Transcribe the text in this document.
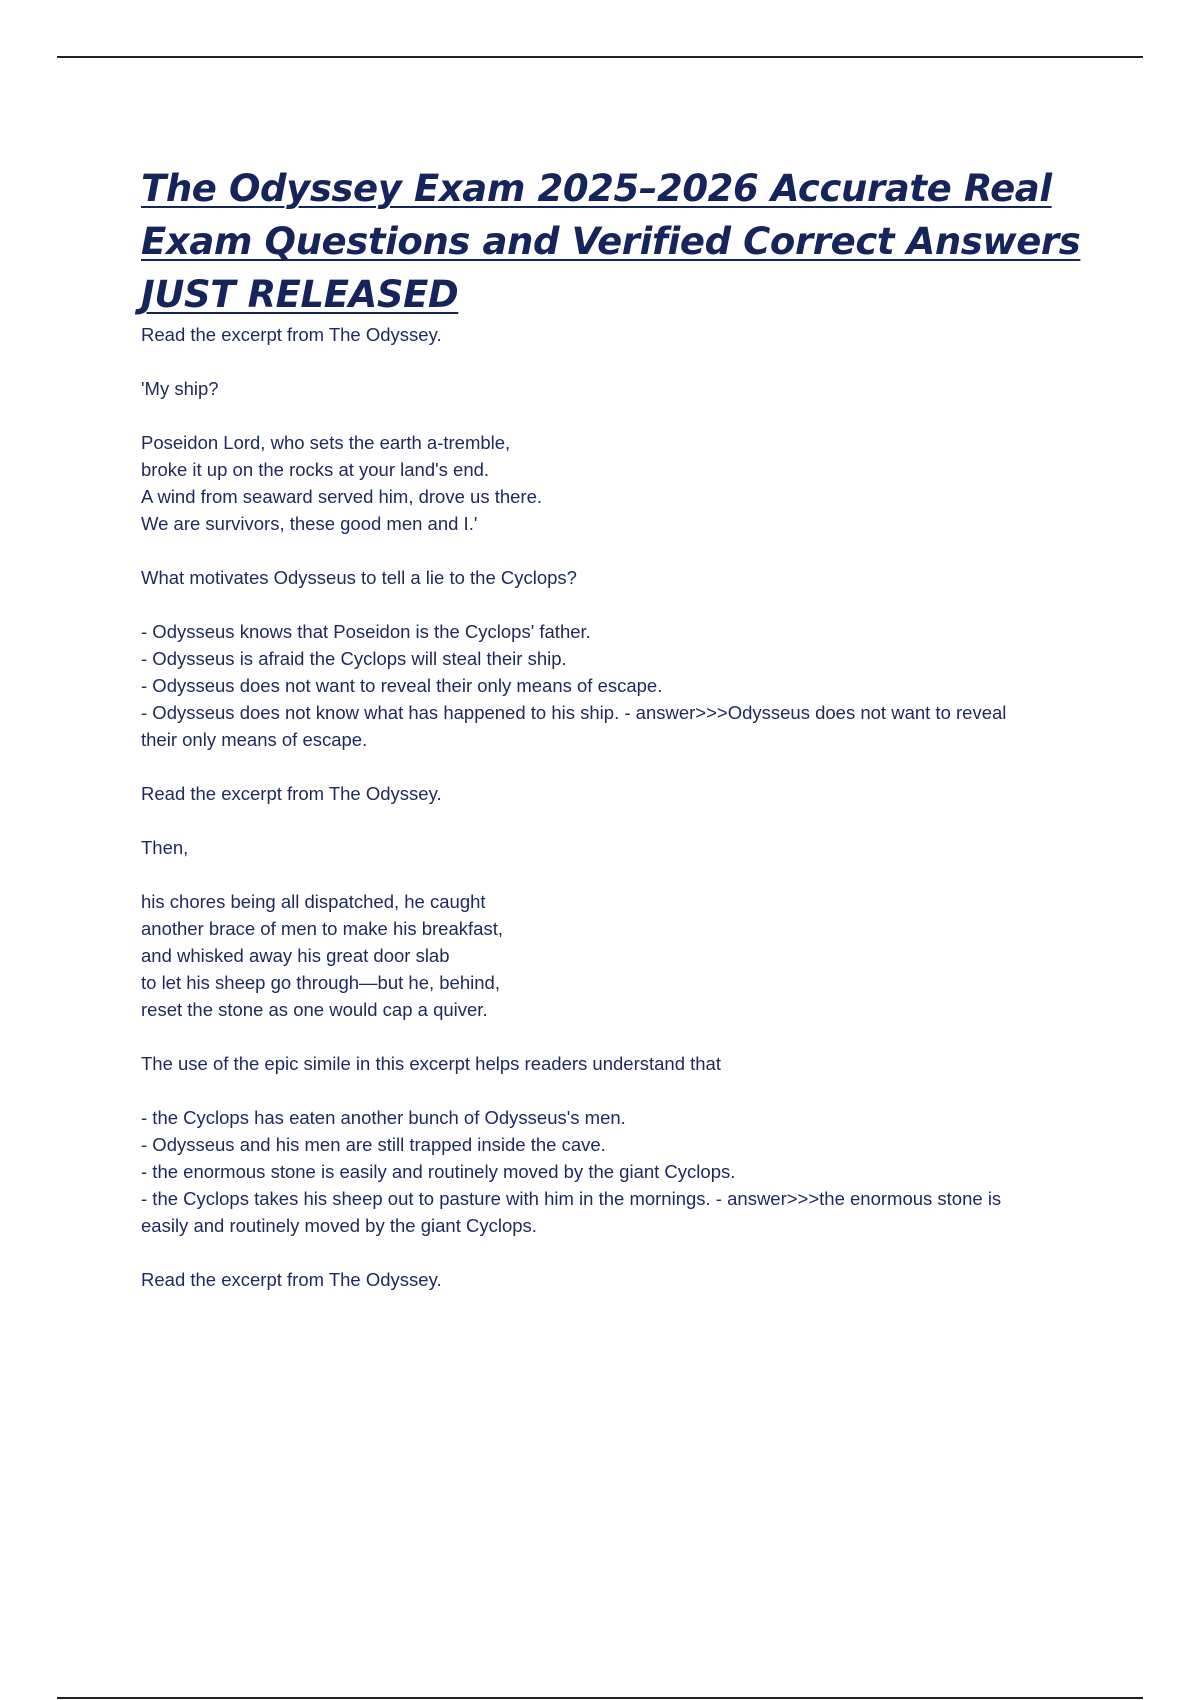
The Odyssey Exam 2025–2026 Accurate Real
Exam Questions and Verified Correct Answers
JUST RELEASED
Read the excerpt from The Odyssey.
'My ship?
Poseidon Lord, who sets the earth a-tremble,
broke it up on the rocks at your land's end.
A wind from seaward served him, drove us there.
We are survivors, these good men and I.'
What motivates Odysseus to tell a lie to the Cyclops?
- Odysseus knows that Poseidon is the Cyclops' father.
- Odysseus is afraid the Cyclops will steal their ship.
- Odysseus does not want to reveal their only means of escape.
- Odysseus does not know what has happened to his ship. - answer>>>Odysseus does not want to reveal their only means of escape.
Read the excerpt from The Odyssey.
Then,
his chores being all dispatched, he caught
another brace of men to make his breakfast,
and whisked away his great door slab
to let his sheep go through—but he, behind,
reset the stone as one would cap a quiver.
The use of the epic simile in this excerpt helps readers understand that
- the Cyclops has eaten another bunch of Odysseus's men.
- Odysseus and his men are still trapped inside the cave.
- the enormous stone is easily and routinely moved by the giant Cyclops.
- the Cyclops takes his sheep out to pasture with him in the mornings. - answer>>>the enormous stone is easily and routinely moved by the giant Cyclops.
Read the excerpt from The Odyssey.
